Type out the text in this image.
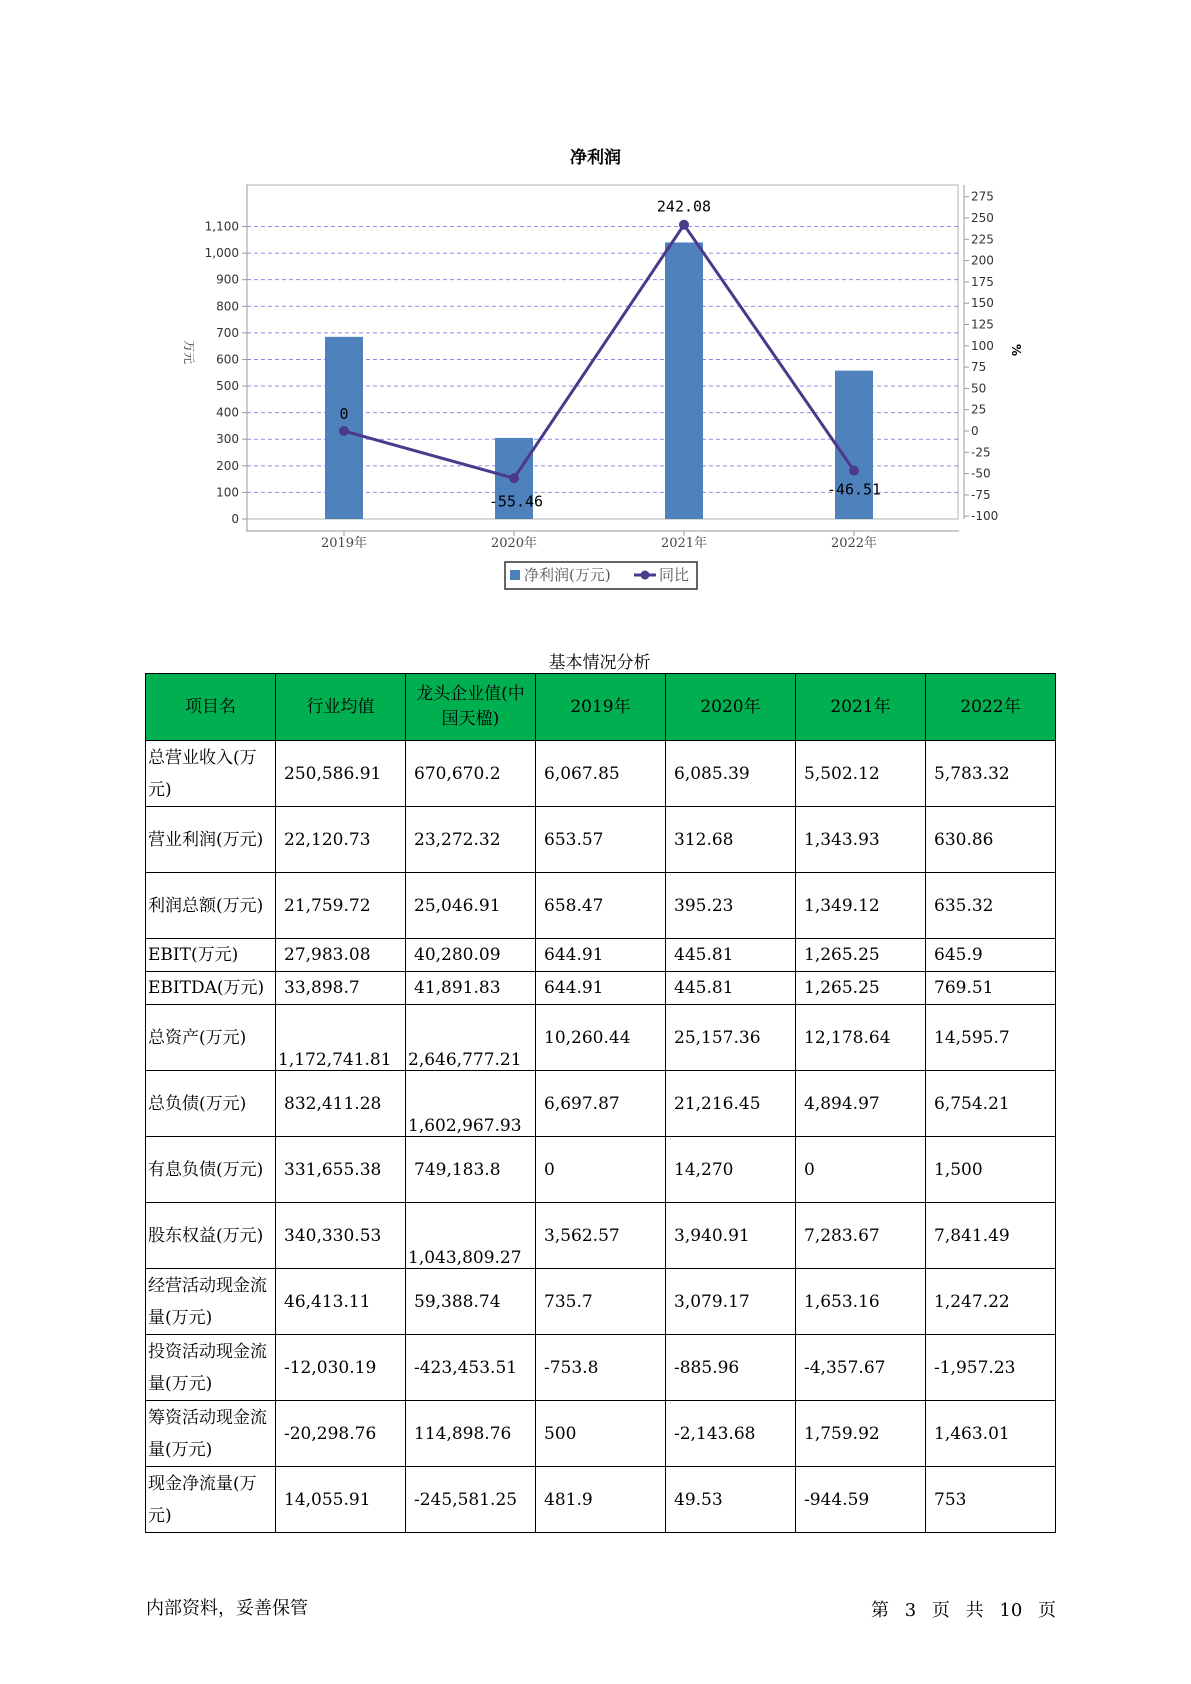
净利润
0
100
200
300
400
500
600
700
800
900
1,000
1,100
-100
-75
-50
-25
0
25
50
75
100
125
150
175
200
225
250
275
万元	%
2019年	2020年	2021年	2022年
0
-55.46
242.08
-46.51
净利润(万元)	同比
基本情况分析
项目名	行业均值	龙头企业值(中国天楹)	2019年	2020年	2021年	2022年
总营业收入(万元)	250,586.91	670,670.2	6,067.85	6,085.39	5,502.12	5,783.32
营业利润(万元)	22,120.73	23,272.32	653.57	312.68	1,343.93	630.86
利润总额(万元)	21,759.72	25,046.91	658.47	395.23	1,349.12	635.32
EBIT(万元)	27,983.08	40,280.09	644.91	445.81	1,265.25	645.9
EBITDA(万元)	33,898.7	41,891.83	644.91	445.81	1,265.25	769.51
总资产(万元)	1,172,741.81	2,646,777.21	10,260.44	25,157.36	12,178.64	14,595.7
总负债(万元)	832,411.28	1,602,967.93	6,697.87	21,216.45	4,894.97	6,754.21
有息负债(万元)	331,655.38	749,183.8	0	14,270	0	1,500
股东权益(万元)	340,330.53	1,043,809.27	3,562.57	3,940.91	7,283.67	7,841.49
经营活动现金流量(万元)	46,413.11	59,388.74	735.7	3,079.17	1,653.16	1,247.22
投资活动现金流量(万元)	-12,030.19	-423,453.51	-753.8	-885.96	-4,357.67	-1,957.23
筹资活动现金流量(万元)	-20,298.76	114,898.76	500	-2,143.68	1,759.92	1,463.01
现金净流量(万元)	14,055.91	-245,581.25	481.9	49.53	-944.59	753
内部资料，妥善保管	第 3 页 共 10 页
